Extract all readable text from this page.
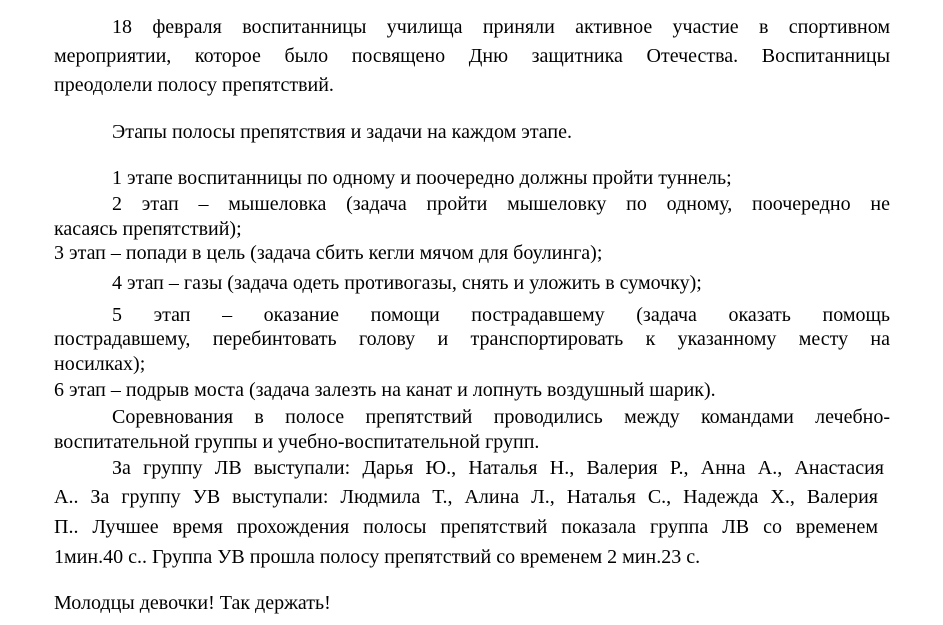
18 февраля воспитанницы училища приняли активное участие в спортивном
мероприятии, которое было посвящено Дню защитника Отечества. Воспитанницы
преодолели полосу препятствий.
Этапы полосы препятствия и задачи на каждом этапе.
1 этапе воспитанницы по одному и поочередно должны пройти туннель;
2 этап – мышеловка (задача пройти мышеловку по одному, поочередно не
касаясь препятствий);
3 этап – попади в цель (задача сбить кегли мячом для боулинга);
4 этап – газы (задача одеть противогазы, снять и уложить в сумочку);
5 этап – оказание помощи пострадавшему (задача оказать помощь
пострадавшему, перебинтовать голову и транспортировать к указанному месту на
носилках);
6 этап – подрыв моста (задача залезть на канат и лопнуть воздушный шарик).
Соревнования в полосе препятствий проводились между командами лечебно-
воспитательной группы и учебно-воспитательной групп.
За группу ЛВ выступали: Дарья Ю., Наталья Н., Валерия Р., Анна А., Анастасия
А.. За группу УВ выступали: Людмила Т., Алина Л., Наталья С., Надежда Х., Валерия
П.. Лучшее время прохождения полосы препятствий показала группа ЛВ со временем
1мин.40 с.. Группа УВ прошла полосу препятствий со временем 2 мин.23 с.
Молодцы девочки! Так держать!
